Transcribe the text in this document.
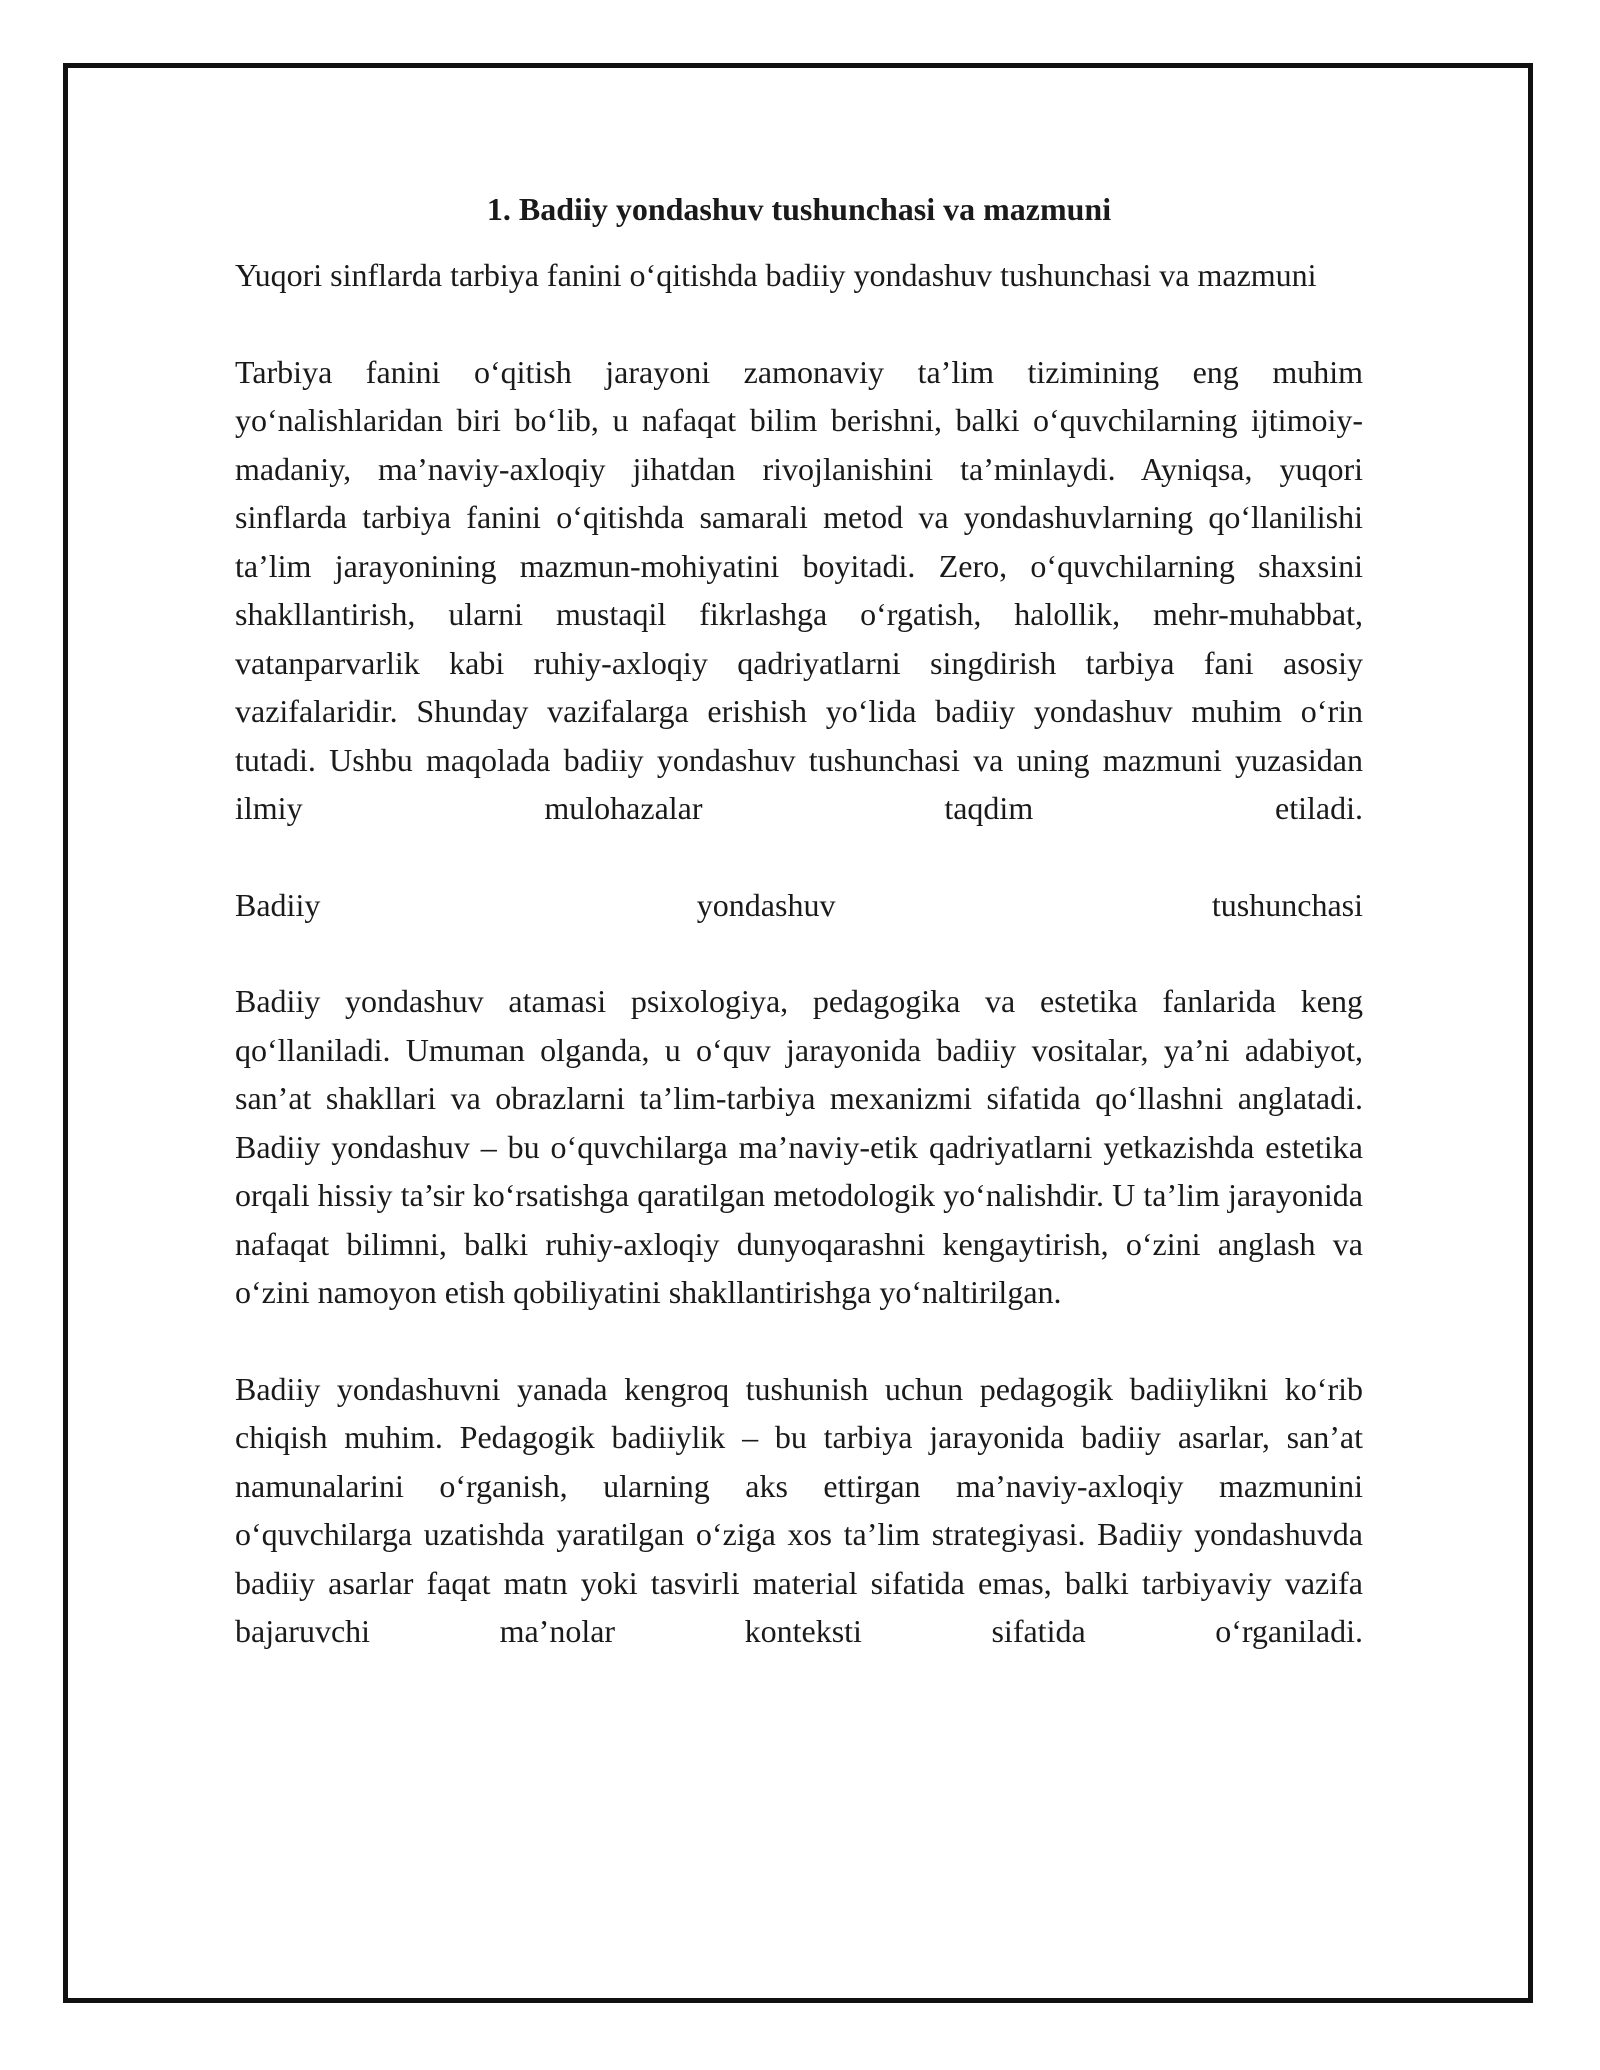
1. Badiiy yondashuv tushunchasi va mazmuni

Yuqori sinflarda tarbiya fanini o‘qitishda badiiy yondashuv tushunchasi va mazmuni

Tarbiya fanini o‘qitish jarayoni zamonaviy ta’lim tizimining eng muhim yo‘nalishlaridan biri bo‘lib, u nafaqat bilim berishni, balki o‘quvchilarning ijtimoiy-madaniy, ma’naviy-axloqiy jihatdan rivojlanishini ta’minlaydi. Ayniqsa, yuqori sinflarda tarbiya fanini o‘qitishda samarali metod va yondashuvlarning qo‘llanilishi ta’lim jarayonining mazmun-mohiyatini boyitadi. Zero, o‘quvchilarning shaxsini shakllantirish, ularni mustaqil fikrlashga o‘rgatish, halollik, mehr-muhabbat, vatanparvarlik kabi ruhiy-axloqiy qadriyatlarni singdirish tarbiya fani asosiy vazifalaridir. Shunday vazifalarga erishish yo‘lida badiiy yondashuv muhim o‘rin tutadi. Ushbu maqolada badiiy yondashuv tushunchasi va uning mazmuni yuzasidan ilmiy mulohazalar taqdim etiladi.

Badiiy yondashuv tushunchasi

Badiiy yondashuv atamasi psixologiya, pedagogika va estetika fanlarida keng qo‘llaniladi. Umuman olganda, u o‘quv jarayonida badiiy vositalar, ya’ni adabiyot, san’at shakllari va obrazlarni ta’lim-tarbiya mexanizmi sifatida qo‘llashni anglatadi. Badiiy yondashuv – bu o‘quvchilarga ma’naviy-etik qadriyatlarni yetkazishda estetika orqali hissiy ta’sir ko‘rsatishga qaratilgan metodologik yo‘nalishdir. U ta’lim jarayonida nafaqat bilimni, balki ruhiy-axloqiy dunyoqarashni kengaytirish, o‘zini anglash va o‘zini namoyon etish qobiliyatini shakllantirishga yo‘naltirilgan.

Badiiy yondashuvni yanada kengroq tushunish uchun pedagogik badiiylikni ko‘rib chiqish muhim. Pedagogik badiiylik – bu tarbiya jarayonida badiiy asarlar, san’at namunalarini o‘rganish, ularning aks ettirgan ma’naviy-axloqiy mazmunini o‘quvchilarga uzatishda yaratilgan o‘ziga xos ta’lim strategiyasi. Badiiy yondashuvda badiiy asarlar faqat matn yoki tasvirli material sifatida emas, balki tarbiyaviy vazifa bajaruvchi ma’nolar konteksti sifatida o‘rganiladi.
